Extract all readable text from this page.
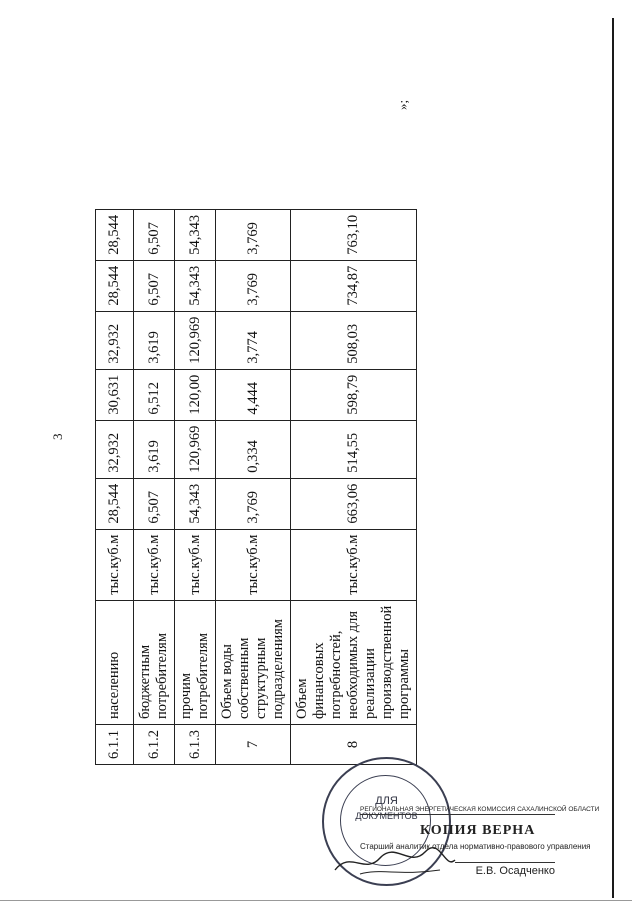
3
6.1.1	населению	тыс.куб.м	28,544	32,932	30,631	32,932	28,544	28,544
6.1.2	бюджетным потребителям	тыс.куб.м	6,507	3,619	6,512	3,619	6,507	6,507
6.1.3	прочим потребителям	тыс.куб.м	54,343	120,969	120,00	120,969	54,343	54,343
7	Объем воды собственным структурным подразделениям	тыс.куб.м	3,769	0,334	4,444	3,774	3,769	3,769
8	Объем финансовых потребностей, необходимых для реализации производственной программы	тыс.куб.м	663,06	514,55	598,79	508,03	734,87	763,10
»;
ДЛЯ
ДОКУМЕНТОВ
РЕГИОНАЛЬНАЯ ЭНЕРГЕТИЧЕСКАЯ КОМИССИЯ САХАЛИНСКОЙ ОБЛАСТИ
КОПИЯ ВЕРНА
Старший аналитик отдела нормативно-правового управления
Е.В. Осадченко
